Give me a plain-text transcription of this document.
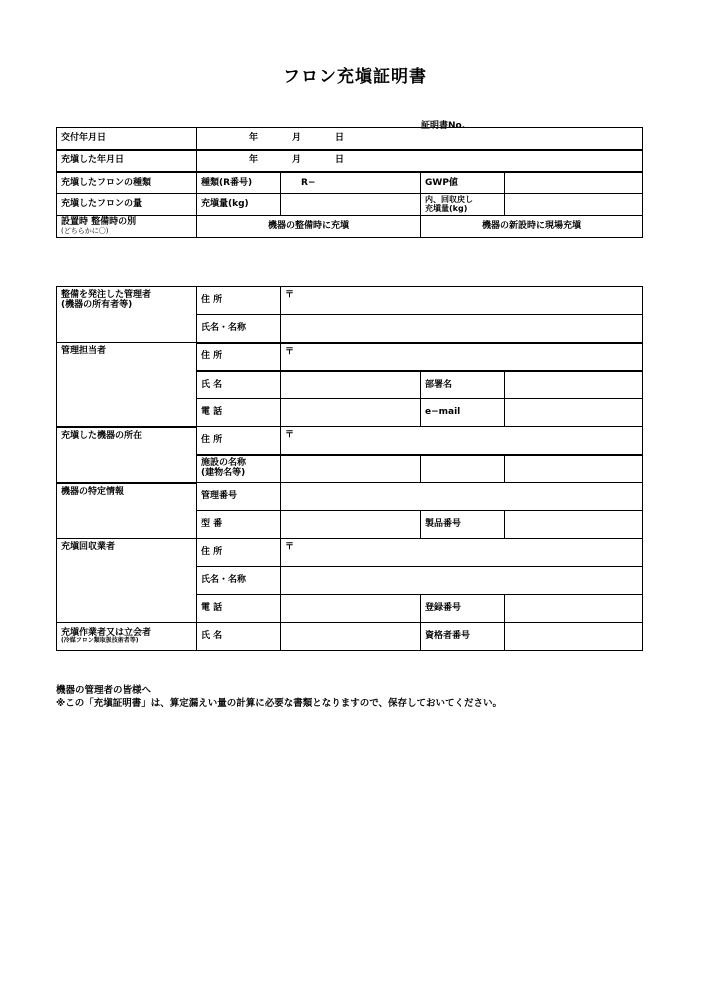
フロン充塡証明書
証明書No.
交付年月日	年 月 日			
充塡した年月日	年 月 日			
充塡したフロンの種類	種類(R番号)	R−	GWP値	
充塡したフロンの量	充塡量(kg)		内、回収戻し
充塡量(kg)	

設置時 整備時の別
(どちらかに〇)	機器の整備時に充塡		機器の新設時に現場充塡	
整備を発注した管理者
(機器の所有者等)	住 所	〒		
	氏名・名称			
管理担当者	住 所	〒		
	氏 名		部署名	
	電 話		e−mail	
充塡した機器の所在	住 所	〒		

	施設の名称
(建物名等)			

機器の特定情報	管理番号			
	型 番		製品番号	
充塡回収業者	住 所	〒		
	氏名・名称			
	電 話		登録番号	

充塡作業者又は立会者
(冷媒フロン類取扱技術者等)	氏 名		資格者番号	
機器の管理者の皆様へ
※この「充塡証明書」は、算定漏えい量の計算に必要な書類となりますので、保存しておいてください。
